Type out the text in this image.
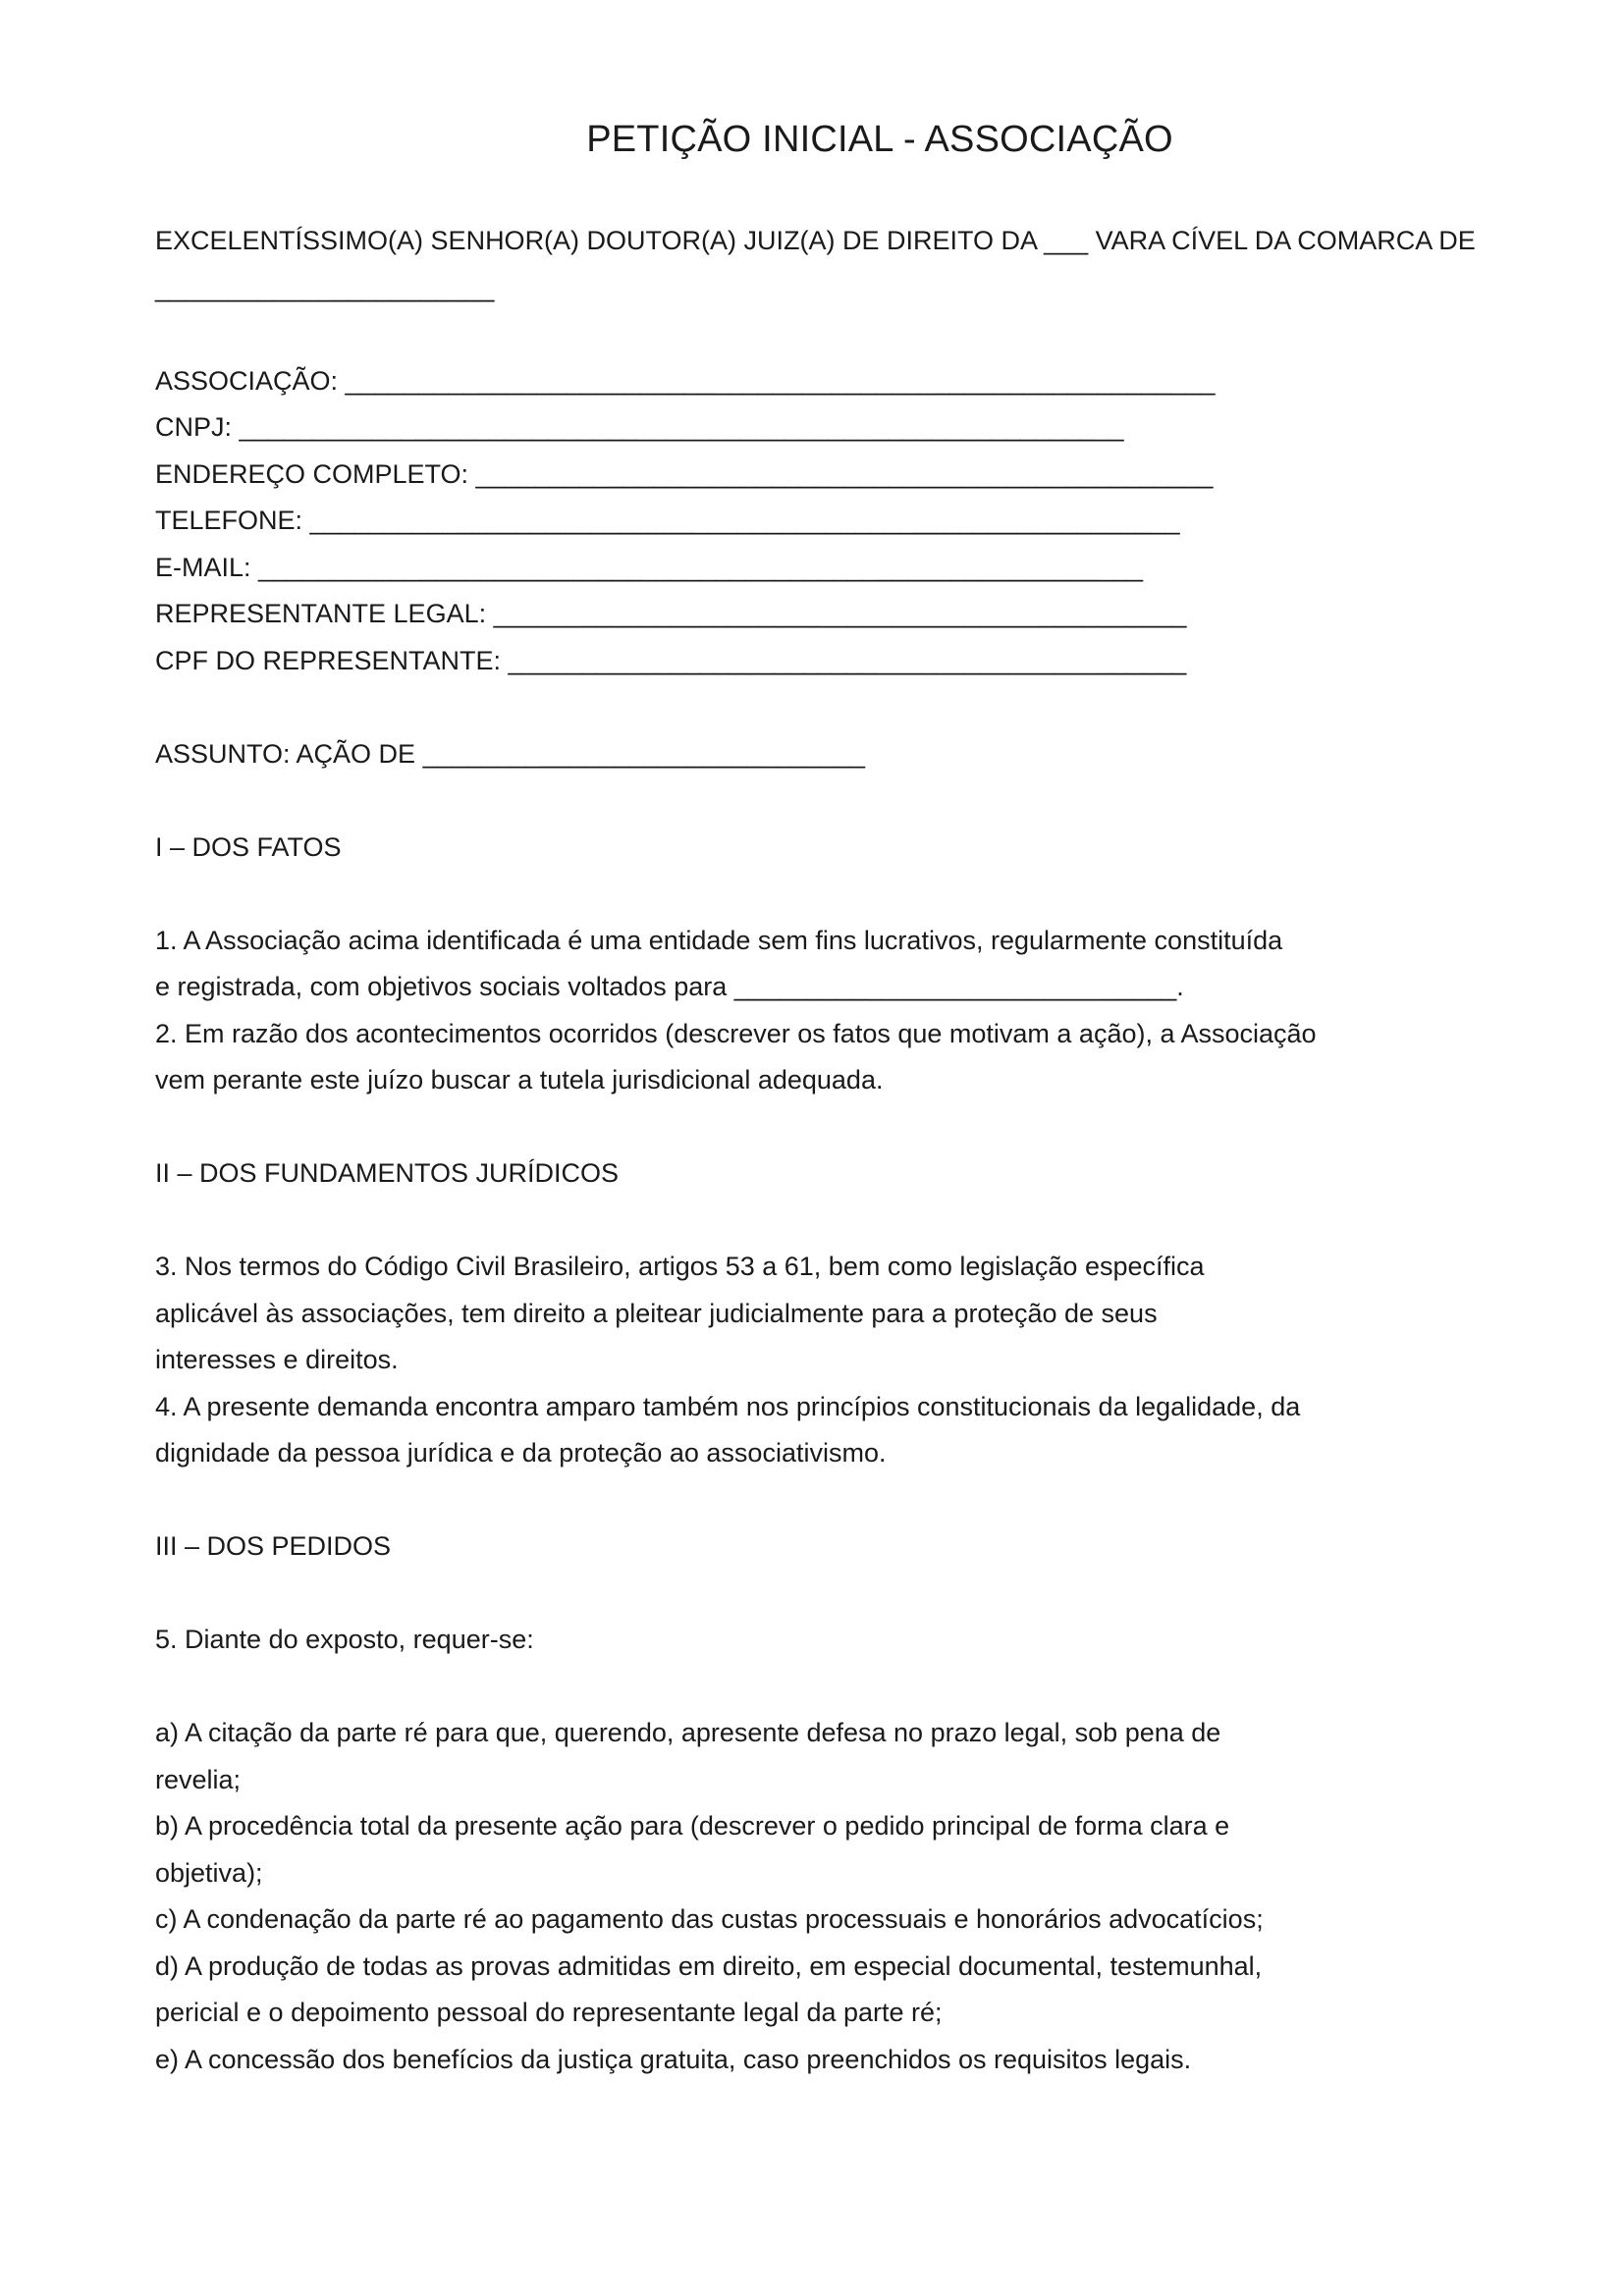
PETIÇÃO INICIAL - ASSOCIAÇÃO

EXCELENTÍSSIMO(A) SENHOR(A) DOUTOR(A) JUIZ(A) DE DIREITO DA ___ VARA CÍVEL DA COMARCA DE

_______________________

ASSOCIAÇÃO: ___________________________________________________________

CNPJ: ____________________________________________________________

ENDEREÇO COMPLETO: __________________________________________________

TELEFONE: ___________________________________________________________

E-MAIL: ____________________________________________________________

REPRESENTANTE LEGAL: _______________________________________________

CPF DO REPRESENTANTE: ______________________________________________

ASSUNTO: AÇÃO DE ______________________________

I – DOS FATOS

1. A Associação acima identificada é uma entidade sem fins lucrativos, regularmente constituída

e registrada, com objetivos sociais voltados para ______________________________.

2. Em razão dos acontecimentos ocorridos (descrever os fatos que motivam a ação), a Associação

vem perante este juízo buscar a tutela jurisdicional adequada.

II – DOS FUNDAMENTOS JURÍDICOS

3. Nos termos do Código Civil Brasileiro, artigos 53 a 61, bem como legislação específica

aplicável às associações, tem direito a pleitear judicialmente para a proteção de seus

interesses e direitos.

4. A presente demanda encontra amparo também nos princípios constitucionais da legalidade, da

dignidade da pessoa jurídica e da proteção ao associativismo.

III – DOS PEDIDOS

5. Diante do exposto, requer-se:

a) A citação da parte ré para que, querendo, apresente defesa no prazo legal, sob pena de

revelia;

b) A procedência total da presente ação para (descrever o pedido principal de forma clara e

objetiva);

c) A condenação da parte ré ao pagamento das custas processuais e honorários advocatícios;

d) A produção de todas as provas admitidas em direito, em especial documental, testemunhal,

pericial e o depoimento pessoal do representante legal da parte ré;

e) A concessão dos benefícios da justiça gratuita, caso preenchidos os requisitos legais.
